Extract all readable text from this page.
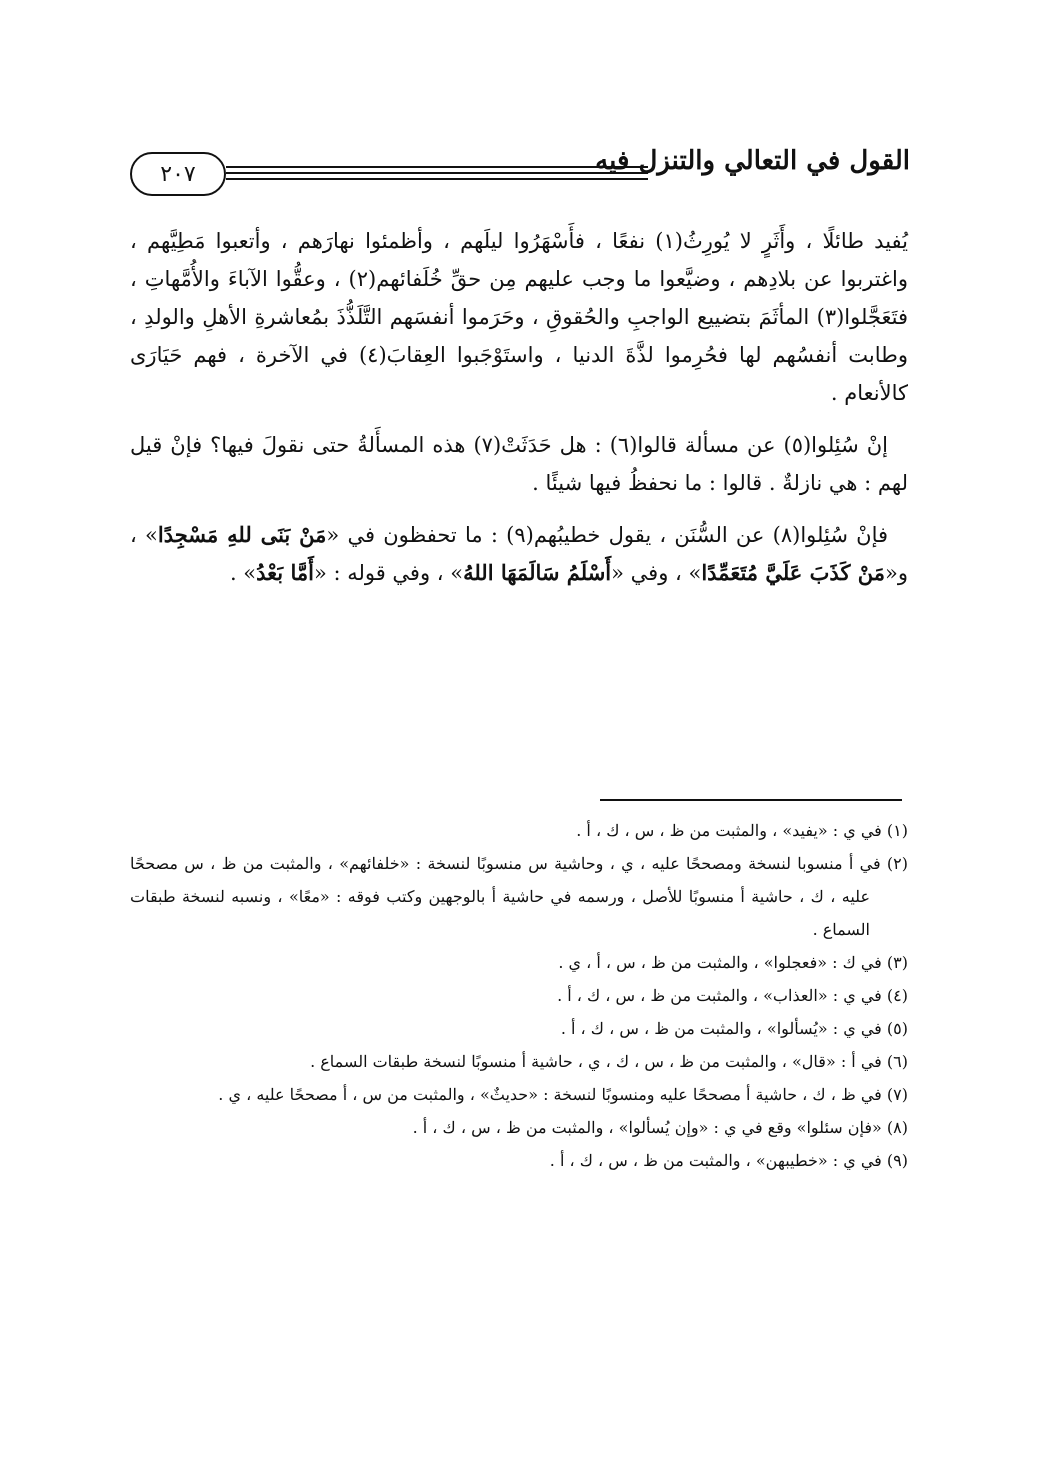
٢٠٧	القول في التعالي والتنزل فيه

يُفيد طائلًا ، وأَثَرٍ لا يُورِثُ(١) نفعًا ، فأَسْهَرُوا ليلَهم ، وأظمئوا نهارَهم ، وأتعبوا مَطِيَّهم ، واغتربوا عن بلادِهم ، وضيَّعوا ما وجب عليهم مِن حقِّ خُلَفائهم(٢) ، وعقُّوا الآباءَ والأُمَّهاتِ ، فتَعَجَّلوا(٣) المأثَمَ بتضييع الواجبِ والحُقوقِ ، وحَرَموا أنفسَهم التَّلَذُّذَ بمُعاشرةِ الأهلِ والولدِ ، وطابت أنفسُهم لها فحُرِموا لذَّةَ الدنيا ، واستَوْجَبوا العِقابَ(٤) في الآخرة ، فهم حَيَارَى كالأنعام .

إنْ سُئِلوا(٥) عن مسألة قالوا(٦) : هل حَدَثَتْ(٧) هذه المسأَلةُ حتى نقولَ فيها؟ فإنْ قيل لهم : هي نازلةٌ . قالوا : ما نحفظُ فيها شيئًا .

فإنْ سُئِلوا(٨) عن السُّنَن ، يقول خطيبُهم(٩) : ما تحفظون في «مَنْ بَنَى للهِ مَسْجِدًا» ، و«مَنْ كَذَبَ عَلَيَّ مُتَعَمِّدًا» ، وفي «أَسْلَمُ سَالَمَهَا اللهُ» ، وفي قوله : «أَمَّا بَعْدُ» .

(١) في ي : «يفيد» ، والمثبت من ظ ، س ، ك ، أ .

(٢) في أ منسوبا لنسخة ومصححًا عليه ، ي ، وحاشية س منسوبًا لنسخة : «خلفائهم» ، والمثبت من ظ ، س مصححًا عليه ، ك ، حاشية أ منسوبًا للأصل ، ورسمه في حاشية أ بالوجهين وكتب فوقه : «معًا» ، ونسبه لنسخة طبقات السماع .

(٣) في ك : «فعجلوا» ، والمثبت من ظ ، س ، أ ، ي .

(٤) في ي : «العذاب» ، والمثبت من ظ ، س ، ك ، أ .

(٥) في ي : «يُسألوا» ، والمثبت من ظ ، س ، ك ، أ .

(٦) في أ : «قال» ، والمثبت من ظ ، س ، ك ، ي ، حاشية أ منسوبًا لنسخة طبقات السماع .

(٧) في ظ ، ك ، حاشية أ مصححًا عليه ومنسوبًا لنسخة : «حديثٌ» ، والمثبت من س ، أ مصححًا عليه ، ي .

(٨) «فإن سئلوا» وقع في ي : «وإن يُسألوا» ، والمثبت من ظ ، س ، ك ، أ .

(٩) في ي : «خطيبهن» ، والمثبت من ظ ، س ، ك ، أ .
